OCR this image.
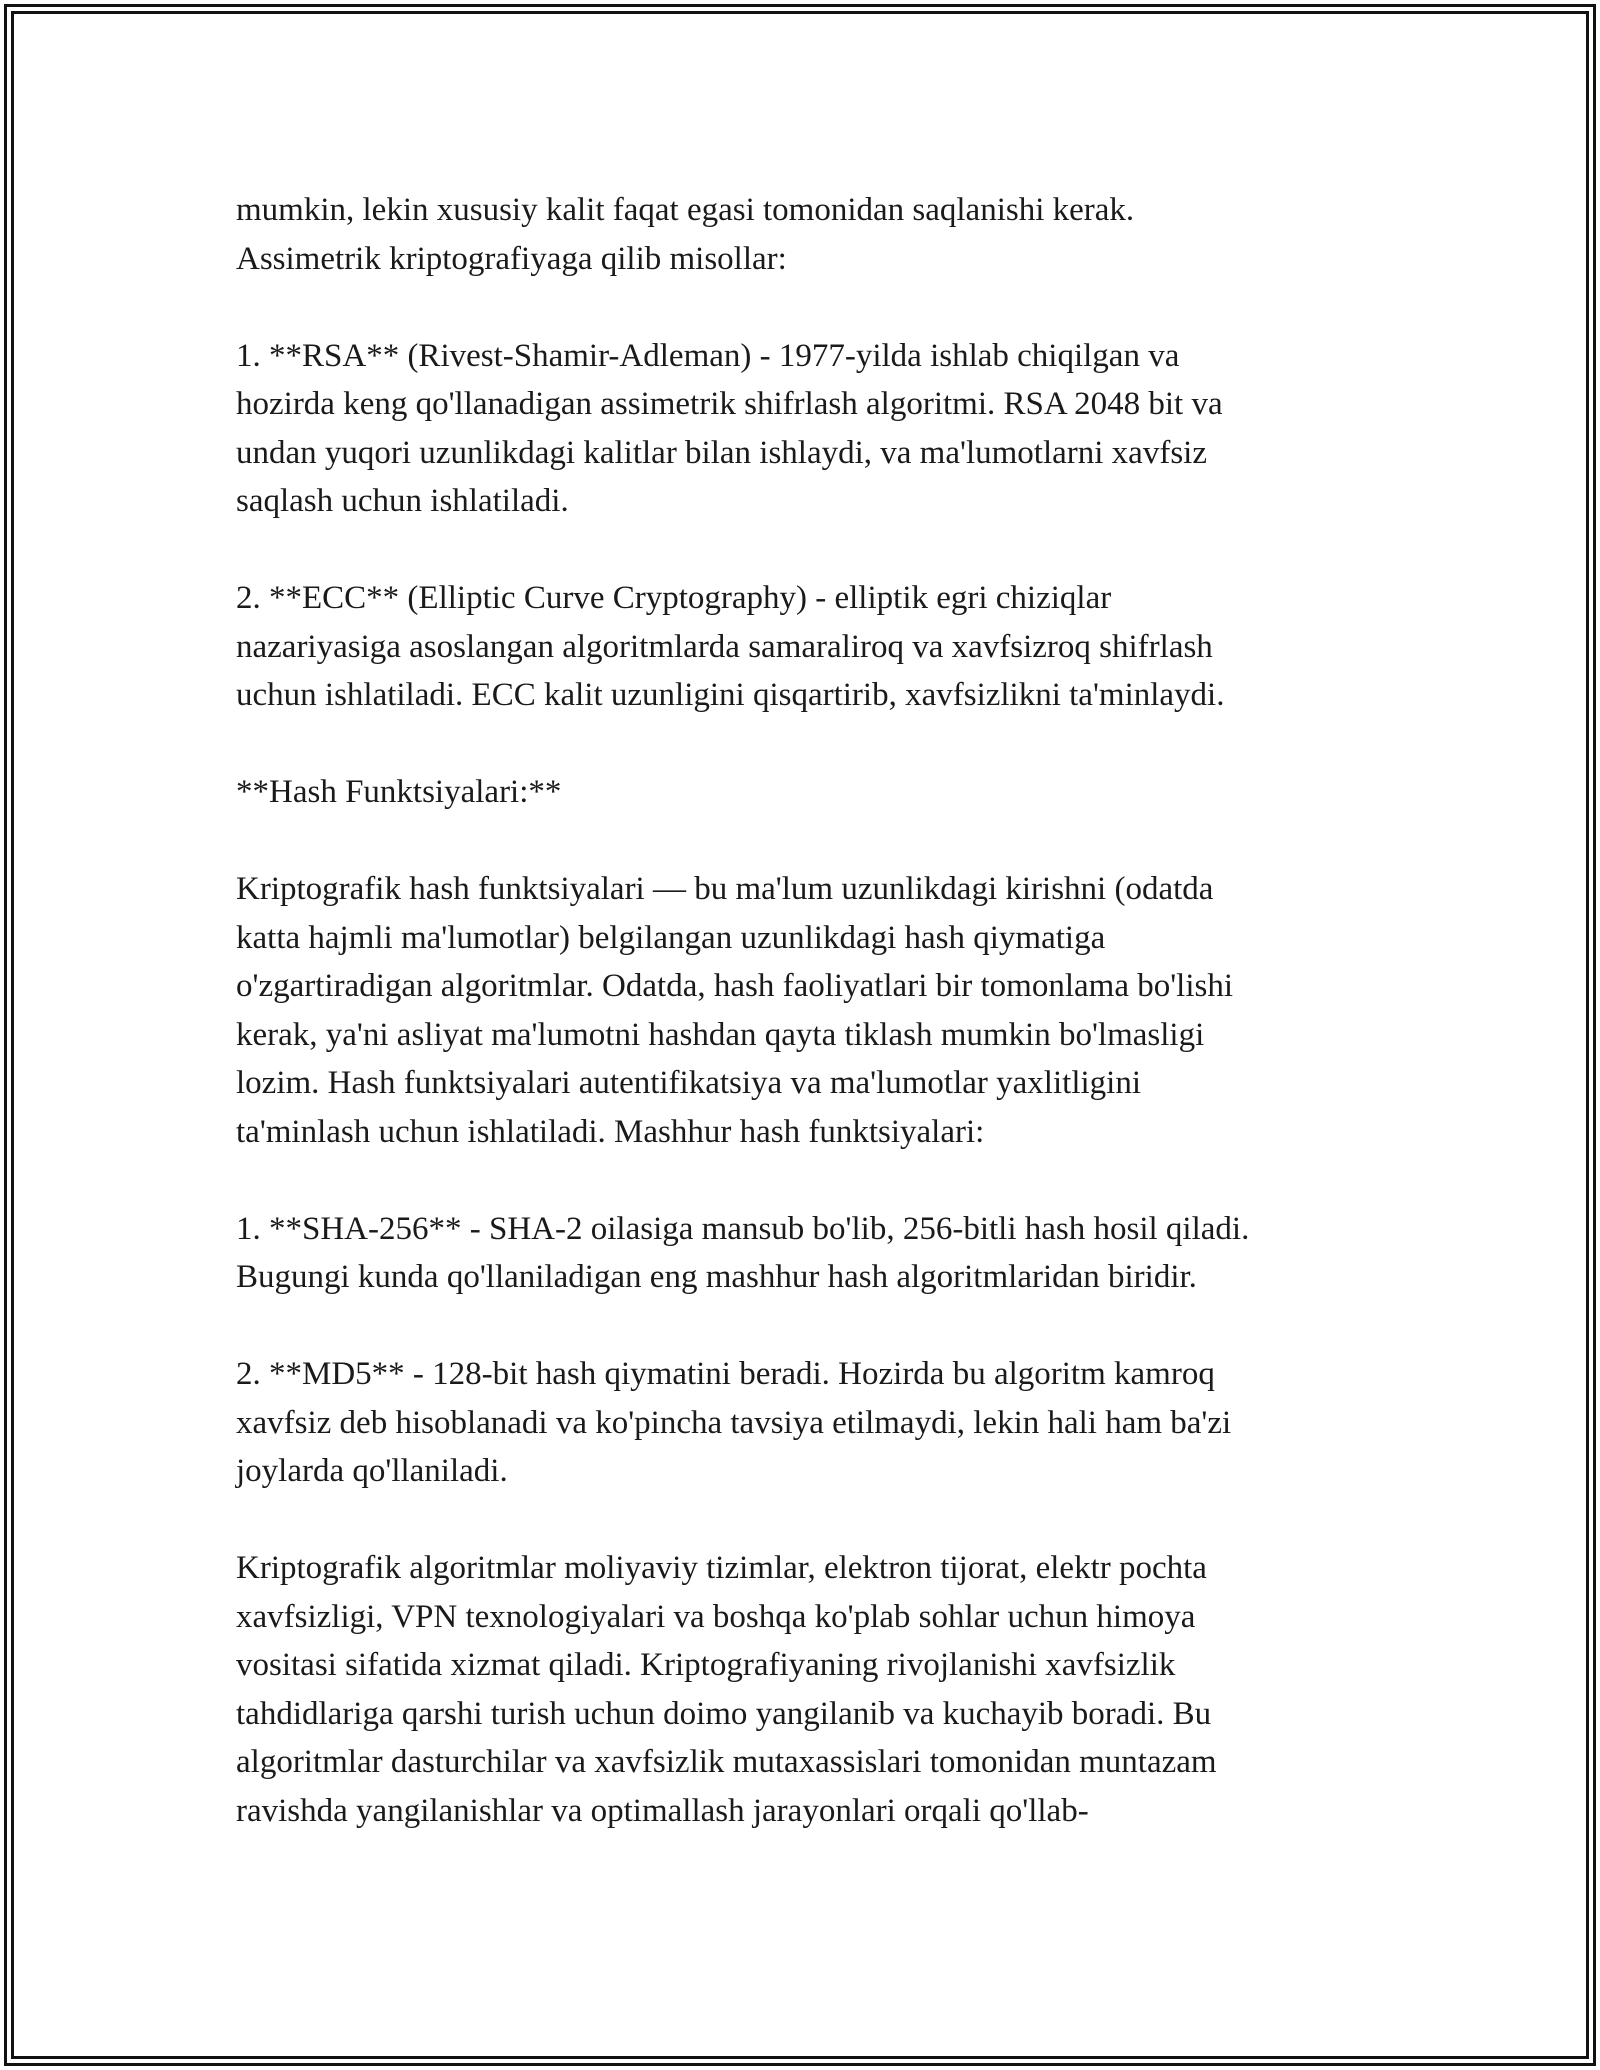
mumkin, lekin xususiy kalit faqat egasi tomonidan saqlanishi kerak.
Assimetrik kriptografiyaga qilib misollar:

1. **RSA** (Rivest-Shamir-Adleman) - 1977-yilda ishlab chiqilgan va
hozirda keng qo'llanadigan assimetrik shifrlash algoritmi. RSA 2048 bit va
undan yuqori uzunlikdagi kalitlar bilan ishlaydi, va ma'lumotlarni xavfsiz
saqlash uchun ishlatiladi.

2. **ECC** (Elliptic Curve Cryptography) - elliptik egri chiziqlar
nazariyasiga asoslangan algoritmlarda samaraliroq va xavfsizroq shifrlash
uchun ishlatiladi. ECC kalit uzunligini qisqartirib, xavfsizlikni ta'minlaydi.

**Hash Funktsiyalari:**

Kriptografik hash funktsiyalari — bu ma'lum uzunlikdagi kirishni (odatda
katta hajmli ma'lumotlar) belgilangan uzunlikdagi hash qiymatiga
o'zgartiradigan algoritmlar. Odatda, hash faoliyatlari bir tomonlama bo'lishi
kerak, ya'ni asliyat ma'lumotni hashdan qayta tiklash mumkin bo'lmasligi
lozim. Hash funktsiyalari autentifikatsiya va ma'lumotlar yaxlitligini
ta'minlash uchun ishlatiladi. Mashhur hash funktsiyalari:

1. **SHA-256** - SHA-2 oilasiga mansub bo'lib, 256-bitli hash hosil qiladi.
Bugungi kunda qo'llaniladigan eng mashhur hash algoritmlaridan biridir.

2. **MD5** - 128-bit hash qiymatini beradi. Hozirda bu algoritm kamroq
xavfsiz deb hisoblanadi va ko'pincha tavsiya etilmaydi, lekin hali ham ba'zi
joylarda qo'llaniladi.

Kriptografik algoritmlar moliyaviy tizimlar, elektron tijorat, elektr pochta
xavfsizligi, VPN texnologiyalari va boshqa ko'plab sohlar uchun himoya
vositasi sifatida xizmat qiladi. Kriptografiyaning rivojlanishi xavfsizlik
tahdidlariga qarshi turish uchun doimo yangilanib va kuchayib boradi. Bu
algoritmlar dasturchilar va xavfsizlik mutaxassislari tomonidan muntazam
ravishda yangilanishlar va optimallash jarayonlari orqali qo'llab-
